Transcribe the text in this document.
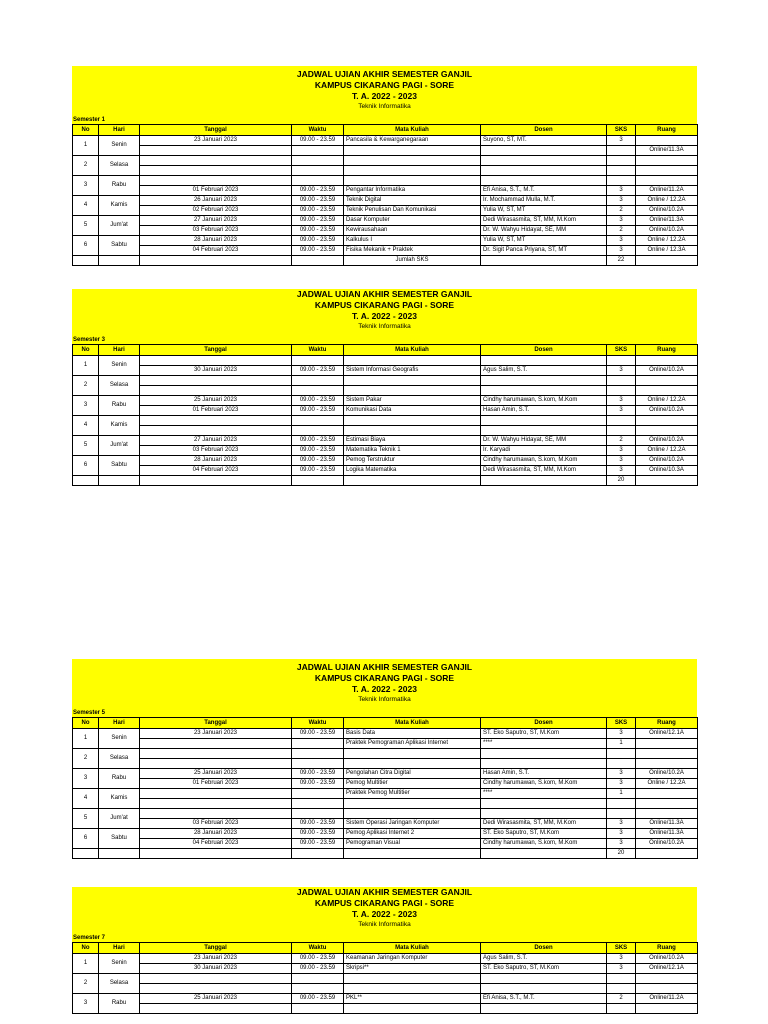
JADWAL UJIAN AKHIR SEMESTER GANJIL
KAMPUS CIKARANG PAGI - SORE
T. A. 2022 - 2023
Teknik Informatika
Semester 1
No	Hari	Tanggal	Waktu	Mata Kuliah	Dosen	SKS	Ruang
1	Senin	23 Januari 2023	09.00 - 23.59	Pancasila & Kewarganegaraan	Suyono, ST, MT.	3	
							Online/11.3A
2	Selasa						

3	Rabu						
		01 Februari 2023	09.00 - 23.59	Pengantar Informatika	Efi Anisa, S.T., M.T.	3	Online/11.2A
4	Kamis	26 Januari 2023	09.00 - 23.59	Teknik Digital	Ir. Mochammad Mulla, M.T.	3	Online / 12.2A
		02 Februari 2023	09.00 - 23.59	Teknik Penulisan Dan Komunikasi	Yulia W, ST, MT	2	Online/10.2A
5	Jum'at	27 Januari 2023	09.00 - 23.59	Dasar Komputer	Dedi Wirasasmita, ST, MM, M.Kom	3	Online/11.3A
		03 Februari 2023	09.00 - 23.59	Kewirausahaan	Dr. W. Wahyu Hidayat, SE, MM	2	Online/10.2A
6	Sabtu	28 Januari 2023	09.00 - 23.59	Kalkulus I	Yulia W, ST, MT	3	Online / 12.2A
		04 Februari 2023	09.00 - 23.59	Fisika Mekanik + Praktek	Dr. Sigit Panca Priyana, ST, MT	3	Online / 12.3A
				Jumlah SKS		22	
JADWAL UJIAN AKHIR SEMESTER GANJIL
KAMPUS CIKARANG PAGI - SORE
T. A. 2022 - 2023
Teknik Informatika
Semester 3
No	Hari	Tanggal	Waktu	Mata Kuliah	Dosen	SKS	Ruang
1	Senin						
		30 Januari 2023	09.00 - 23.59	Sistem Informasi Geografis	Agus Salim, S.T.	3	Online/10.2A
2	Selasa						

3	Rabu	25 Januari 2023	09.00 - 23.59	Sistem Pakar	Cindhy harumawan, S.kom, M.Kom	3	Online / 12.2A
		01 Februari 2023	09.00 - 23.59	Komunikasi Data	Hasan Amin, S.T.	3	Online/10.2A
4	Kamis						

5	Jum'at	27 Januari 2023	09.00 - 23.59	Estimasi Biaya	Dr. W. Wahyu Hidayat, SE, MM	2	Online/10.2A
		03 Februari 2023	09.00 - 23.59	Matematika Teknik 1	Ir. Karyadi	3	Online / 12.2A
6	Sabtu	28 Januari 2023	09.00 - 23.59	Pemog Terstruktur	Cindhy harumawan, S.kom, M.Kom	3	Online/10.2A
		04 Februari 2023	09.00 - 23.59	Logika Matematika	Dedi Wirasasmita, ST, MM, M.Kom	3	Online/10.3A
						20	
JADWAL UJIAN AKHIR SEMESTER GANJIL
KAMPUS CIKARANG PAGI - SORE
T. A. 2022 - 2023
Teknik Informatika
Semester 5
No	Hari	Tanggal	Waktu	Mata Kuliah	Dosen	SKS	Ruang
1	Senin	23 Januari 2023	09.00 - 23.59	Basis Data	ST. Eko Saputro, ST, M.Kom	3	Online/12.1A
				Praktek Pemograman Aplikasi Internet	****	1	
2	Selasa						

3	Rabu	25 Januari 2023	09.00 - 23.59	Pengolahan Citra Digital	Hasan Amin, S.T.	3	Online/10.2A
		01 Februari 2023	09.00 - 23.59	Pemog Multitier	Cindhy harumawan, S.kom, M.Kom	3	Online / 12.2A
4	Kamis			Praktek Pemog Multitier	****	1	

5	Jum'at						
		03 Februari 2023	09.00 - 23.59	Sistem Operasi Jaringan Komputer	Dedi Wirasasmita, ST, MM, M.Kom	3	Online/11.3A
6	Sabtu	28 Januari 2023	09.00 - 23.59	Pemog Aplikasi Internet 2	ST. Eko Saputro, ST, M.Kom	3	Online/11.3A
		04 Februari 2023	09.00 - 23.59	Pemograman Visual	Cindhy harumawan, S.kom, M.Kom	3	Online/10.2A
						20	
JADWAL UJIAN AKHIR SEMESTER GANJIL
KAMPUS CIKARANG PAGI - SORE
T. A. 2022 - 2023
Teknik Informatika
Semester 7
No	Hari	Tanggal	Waktu	Mata Kuliah	Dosen	SKS	Ruang
1	Senin	23 Januari 2023	09.00 - 23.59	Keamanan Jaringan Komputer	Agus Salim, S.T.	3	Online/10.2A
		30 Januari 2023	09.00 - 23.59	Skripsi**	ST. Eko Saputro, ST, M.Kom	3	Online/12.1A
2	Selasa						

3	Rabu	25 Januari 2023	09.00 - 23.59	PKL**	Efi Anisa, S.T., M.T.	2	Online/11.2A
